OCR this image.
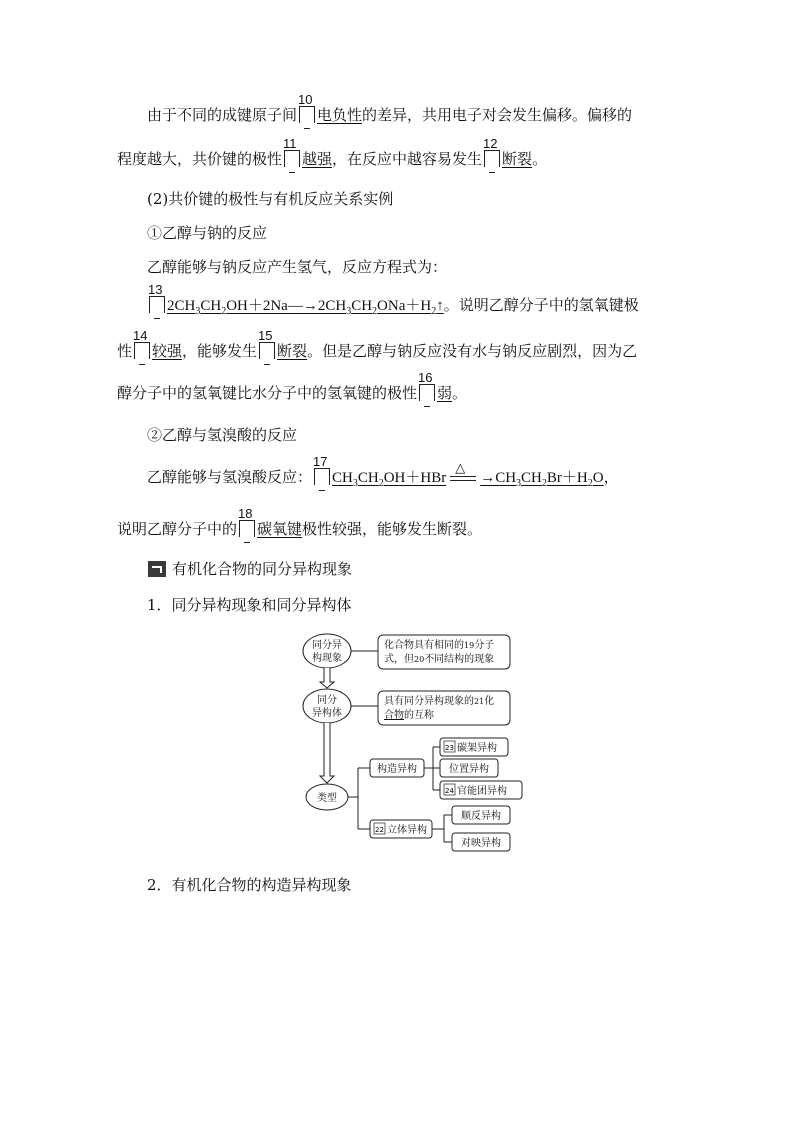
由于不同的成键原子间
10
电负性的差异，共用电子对会发生偏移。偏移的
程度越大，共价键的极性
11
越强，在反应中越容易发生
12
断裂。
(2)共价键的极性与有机反应关系实例
①乙醇与钠的反应
乙醇能够与钠反应产生氢气，反应方程式为：
13
$2CH_3CH_2OH+2Na—\to 2CH_3CH_2ONa+H_2↑$。说明乙醇分子中的氢氧键极
性
14
较强，能够发生
15
断裂。但是乙醇与钠反应没有水与钠反应剧烈，因为乙
醇分子中的氢氧键比水分子中的氢氧键的极性
16
弱。
②乙醇与氢溴酸的反应
乙醇能够与氢溴酸反应：
17
$CH_3CH_2OH+HBr$
△
$\to CH_3CH_2Br+H_2O$，
说明乙醇分子中的
18
碳氧键极性较强，能够发生断裂。
有机化合物的同分异构现象
1．同分异构现象和同分异构体
同分异
构现象
化合物具有相同的19分子
式，但20不同结构的现象
同分
异构体
具有同分异构现象的21化
合物的互称
类型
构造异构
22 立体异构
23 碳架异构
位置异构
24 官能团异构
顺反异构
对映异构
2．有机化合物的构造异构现象
